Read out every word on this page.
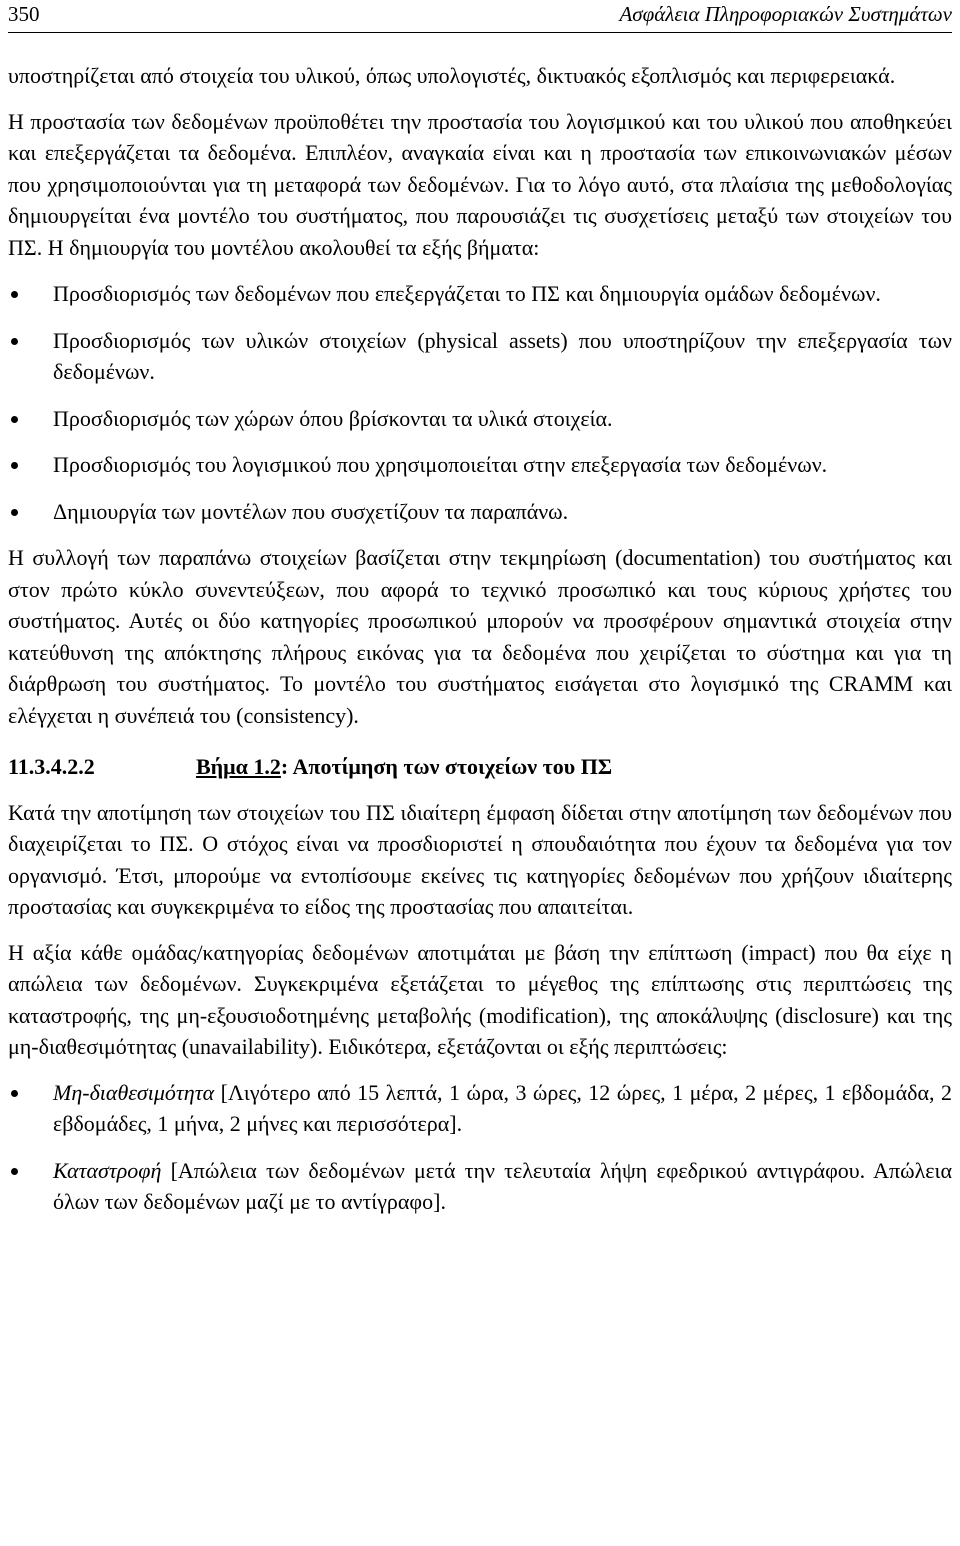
350	Ασφάλεια Πληροφοριακών Συστημάτων

υποστηρίζεται από στοιχεία του υλικού, όπως υπολογιστές, δικτυακός εξοπλισμός και περιφερειακά.

Η προστασία των δεδομένων προϋποθέτει την προστασία του λογισμικού και του υλικού που αποθηκεύει και επεξεργάζεται τα δεδομένα. Επιπλέον, αναγκαία είναι και η προστασία των επικοινωνιακών μέσων που χρησιμοποιούνται για τη μεταφορά των δεδομένων. Για το λόγο αυτό, στα πλαίσια της μεθοδολογίας δημιουργείται ένα μοντέλο του συστήματος, που παρουσιάζει τις συσχετίσεις μεταξύ των στοιχείων του ΠΣ. Η δημιουργία του μοντέλου ακολουθεί τα εξής βήματα:

Προσδιορισμός των δεδομένων που επεξεργάζεται το ΠΣ και δημιουργία ομάδων δεδομένων.
Προσδιορισμός των υλικών στοιχείων (physical assets) που υποστηρίζουν την επεξεργασία των δεδομένων.
Προσδιορισμός των χώρων όπου βρίσκονται τα υλικά στοιχεία.
Προσδιορισμός του λογισμικού που χρησιμοποιείται στην επεξεργασία των δεδομένων.
Δημιουργία των μοντέλων που συσχετίζουν τα παραπάνω.

Η συλλογή των παραπάνω στοιχείων βασίζεται στην τεκμηρίωση (documentation) του συστήματος και στον πρώτο κύκλο συνεντεύξεων, που αφορά το τεχνικό προσωπικό και τους κύριους χρήστες του συστήματος. Αυτές οι δύο κατηγορίες προσωπικού μπορούν να προσφέρουν σημαντικά στοιχεία στην κατεύθυνση της απόκτησης πλήρους εικόνας για τα δεδομένα που χειρίζεται το σύστημα και για τη διάρθρωση του συστήματος. Το μοντέλο του συστήματος εισάγεται στο λογισμικό της CRAMM και ελέγχεται η συνέπειά του (consistency).

11.3.4.2.2	Βήμα 1.2: Αποτίμηση των στοιχείων του ΠΣ

Κατά την αποτίμηση των στοιχείων του ΠΣ ιδιαίτερη έμφαση δίδεται στην αποτίμηση των δεδομένων που διαχειρίζεται το ΠΣ. Ο στόχος είναι να προσδιοριστεί η σπουδαιότητα που έχουν τα δεδομένα για τον οργανισμό. Έτσι, μπορούμε να εντοπίσουμε εκείνες τις κατηγορίες δεδομένων που χρήζουν ιδιαίτερης προστασίας και συγκεκριμένα το είδος της προστασίας που απαιτείται.

Η αξία κάθε ομάδας/κατηγορίας δεδομένων αποτιμάται με βάση την επίπτωση (impact) που θα είχε η απώλεια των δεδομένων. Συγκεκριμένα εξετάζεται το μέγεθος της επίπτωσης στις περιπτώσεις της καταστροφής, της μη-εξουσιοδοτημένης μεταβολής (modification), της αποκάλυψης (disclosure) και της μη-διαθεσιμότητας (unavailability). Ειδικότερα, εξετάζονται οι εξής περιπτώσεις:

Μη-διαθεσιμότητα [Λιγότερο από 15 λεπτά, 1 ώρα, 3 ώρες, 12 ώρες, 1 μέρα, 2 μέρες, 1 εβδομάδα, 2 εβδομάδες, 1 μήνα, 2 μήνες και περισσότερα].
Καταστροφή [Απώλεια των δεδομένων μετά την τελευταία λήψη εφεδρικού αντιγράφου. Απώλεια όλων των δεδομένων μαζί με το αντίγραφο].
